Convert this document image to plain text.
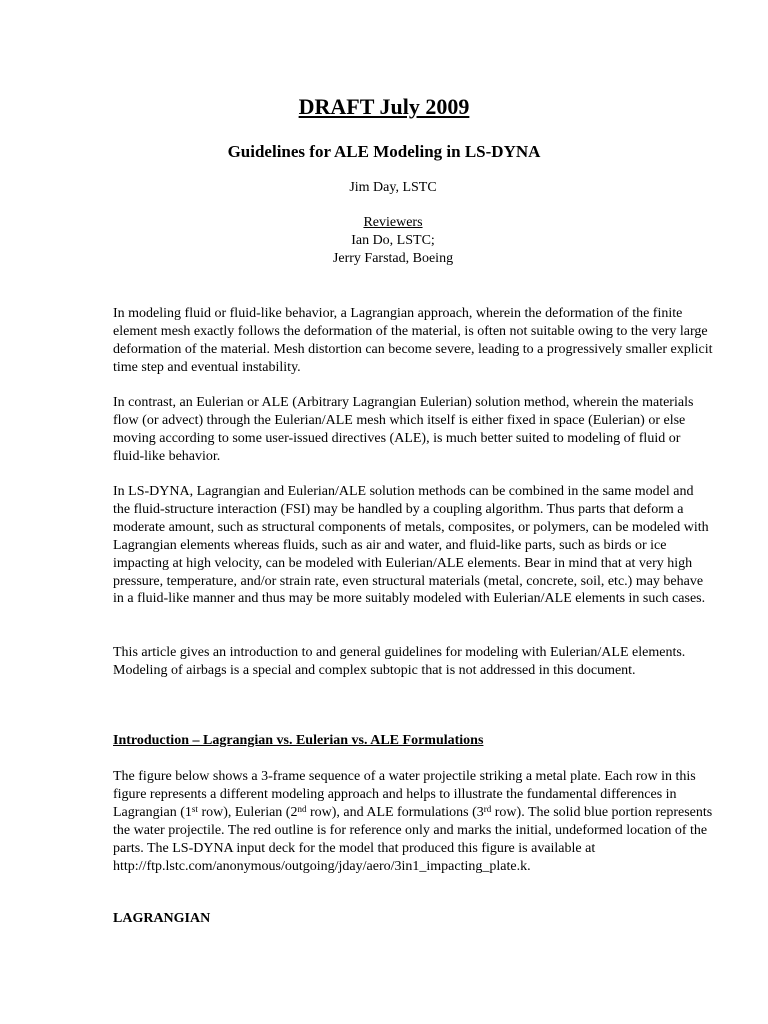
DRAFT July 2009
Guidelines for ALE Modeling in LS-DYNA

Jim Day, LSTC

Reviewers

Ian Do, LSTC;

Jerry Farstad, Boeing

In modeling fluid or fluid-like behavior, a Lagrangian approach, wherein the deformation of the finite element mesh exactly follows the deformation of the material, is often not suitable owing to the very large deformation of the material. Mesh distortion can become severe, leading to a progressively smaller explicit time step and eventual instability.

In contrast, an Eulerian or ALE (Arbitrary Lagrangian Eulerian) solution method, wherein the materials flow (or advect) through the Eulerian/ALE mesh which itself is either fixed in space (Eulerian) or else moving according to some user-issued directives (ALE), is much better suited to modeling of fluid or fluid-like behavior.

In LS-DYNA, Lagrangian and Eulerian/ALE solution methods can be combined in the same model and the fluid-structure interaction (FSI) may be handled by a coupling algorithm. Thus parts that deform a moderate amount, such as structural components of metals, composites, or polymers, can be modeled with Lagrangian elements whereas fluids, such as air and water, and fluid-like parts, such as birds or ice impacting at high velocity, can be modeled with Eulerian/ALE elements. Bear in mind that at very high pressure, temperature, and/or strain rate, even structural materials (metal, concrete, soil, etc.) may behave in a fluid-like manner and thus may be more suitably modeled with Eulerian/ALE elements in such cases.

This article gives an introduction to and general guidelines for modeling with Eulerian/ALE elements. Modeling of airbags is a special and complex subtopic that is not addressed in this document.

Introduction – Lagrangian vs. Eulerian vs. ALE Formulations

The figure below shows a 3-frame sequence of a water projectile striking a metal plate. Each row in this figure represents a different modeling approach and helps to illustrate the fundamental differences in Lagrangian (1st row), Eulerian (2nd row), and ALE formulations (3rd row). The solid blue portion represents the water projectile. The red outline is for reference only and marks the initial, undeformed location of the parts. The LS-DYNA input deck for the model that produced this figure is available at http://ftp.lstc.com/anonymous/outgoing/jday/aero/3in1_impacting_plate.k.

LAGRANGIAN
